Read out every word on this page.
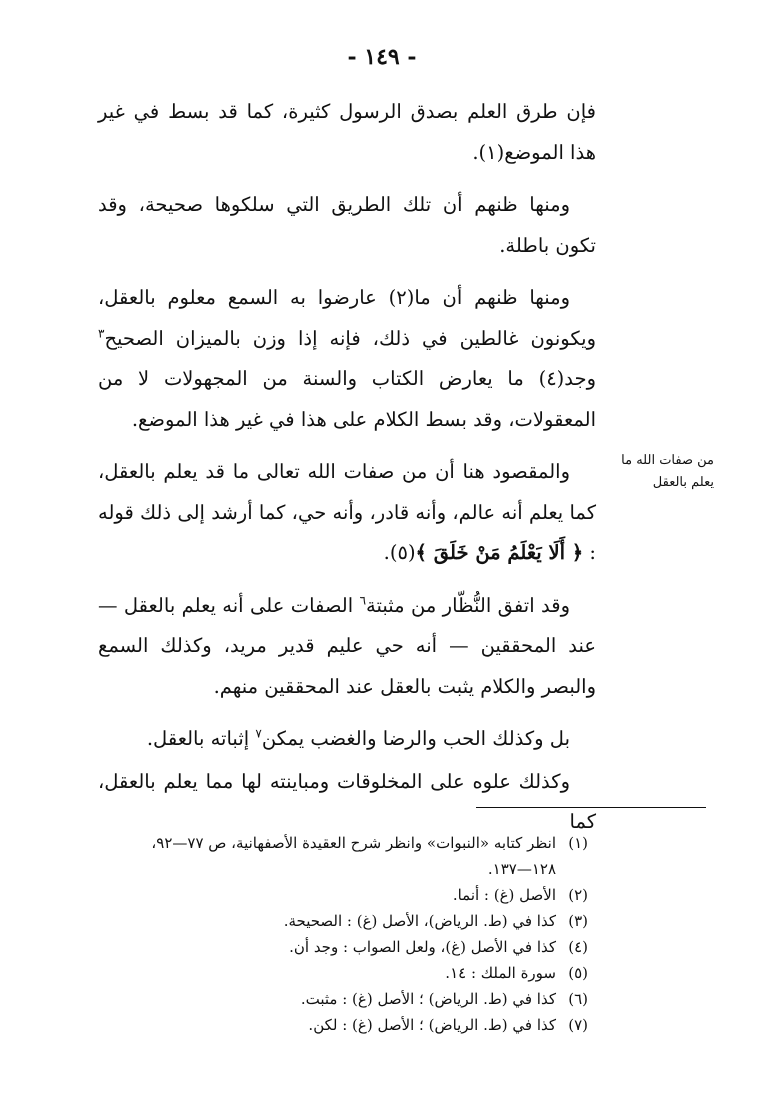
- ١٤٩ -
من صفات الله ما يعلم بالعقل

فإن طرق العلم بصدق الرسول كثيرة، كما قد بسط في غير هذا الموضع(١).

ومنها ظنهم أن تلك الطريق التي سلكوها صحيحة، وقد تكون باطلة.

ومنها ظنهم أن ما(٢) عارضوا به السمع معلوم بالعقل، ويكونون غالطين في ذلك، فإنه إذا وزن بالميزان الصحيح$^٣$ وجد(٤) ما يعارض الكتاب والسنة من المجهولات لا من المعقولات، وقد بسط الكلام على هذا في غير هذا الموضع.

والمقصود هنا أن من صفات الله تعالى ما قد يعلم بالعقل، كما يعلم أنه عالم، وأنه قادر، وأنه حي، كما أرشد إلى ذلك قوله : ﴿ أَلَا يَعْلَمُ مَنْ خَلَقَ ﴾(٥).

وقد اتفق النُّظّار من مثبتة$^٦$ الصفات على أنه يعلم بالعقل — عند المحققين — أنه حي عليم قدير مريد، وكذلك السمع والبصر والكلام يثبت بالعقل عند المحققين منهم.

بل وكذلك الحب والرضا والغضب يمكن$^٧$ إثباته بالعقل.

وكذلك علوه على المخلوقات ومباينته لها مما يعلم بالعقل، كما

(١)انظر كتابه «النبوات» وانظر شرح العقيدة الأصفهانية، ص ٧٧—٩٢،
١٢٨—١٣٧.

(٢)الأصل (غ) : أنما.

(٣)كذا في (ط. الرياض)، الأصل (غ) : الصحيحة.

(٤)كذا في الأصل (غ)، ولعل الصواب : وجد أن.

(٥)سورة الملك : ١٤.

(٦)كذا في (ط. الرياض) ؛ الأصل (غ) : مثبت.

(٧)كذا في (ط. الرياض) ؛ الأصل (غ) : لكن.
